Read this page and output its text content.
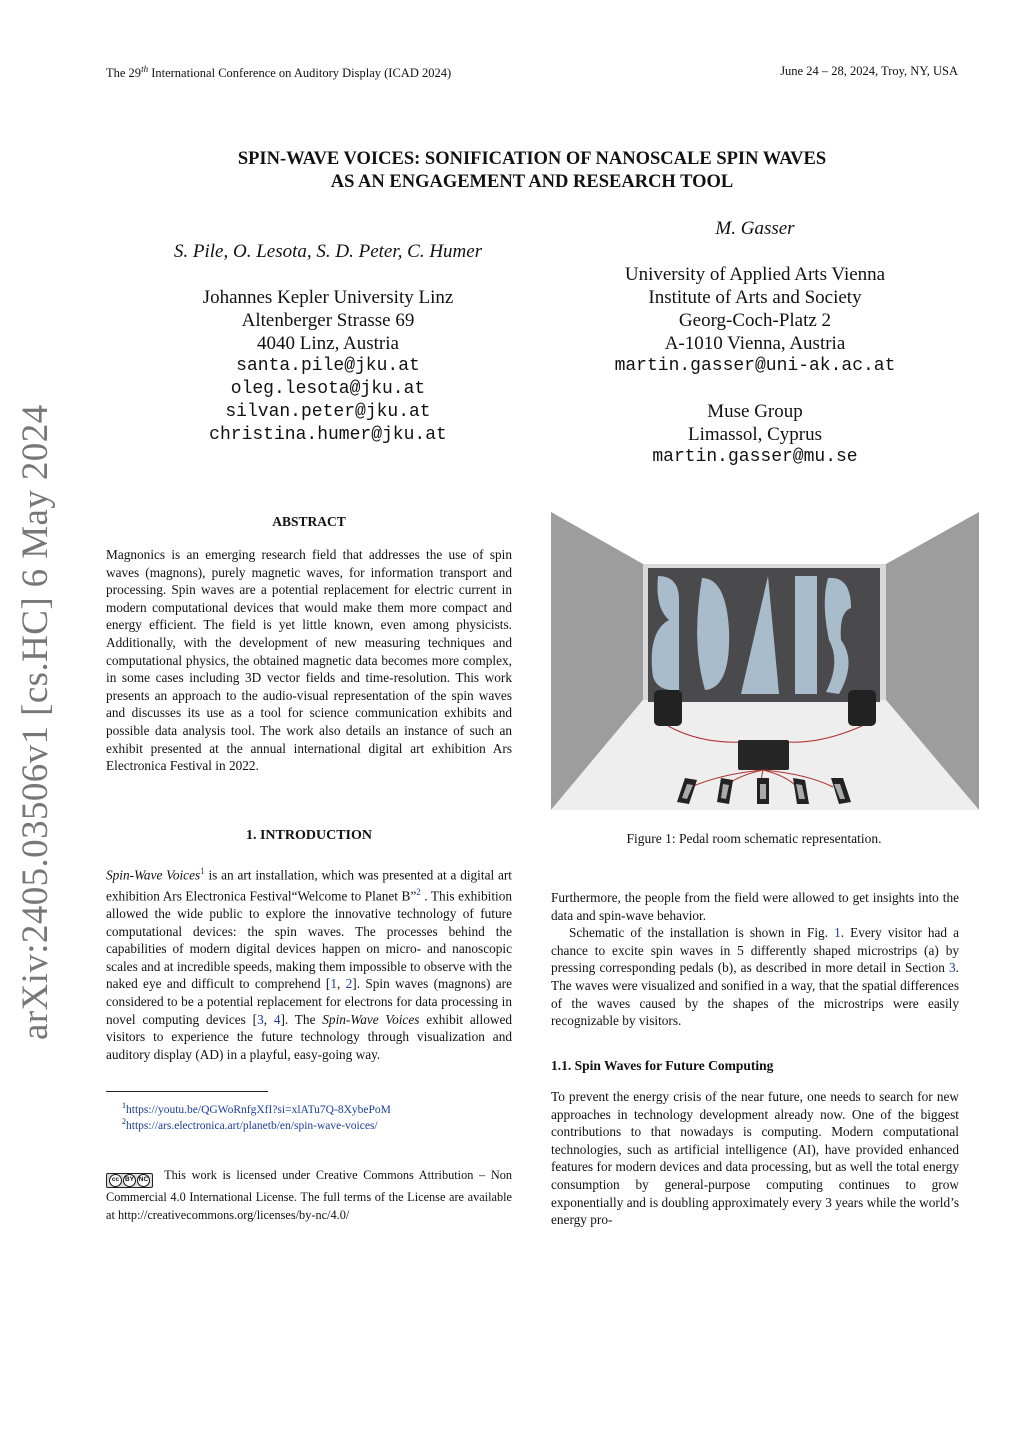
The 29th International Conference on Auditory Display (ICAD 2024)	June 24 – 28, 2024, Troy, NY, USA
SPIN-WAVE VOICES: SONIFICATION OF NANOSCALE SPIN WAVES
AS AN ENGAGEMENT AND RESEARCH TOOL
S. Pile, O. Lesota, S. D. Peter, C. Humer
Johannes Kepler University Linz
Altenberger Strasse 69
4040 Linz, Austria
santa.pile@jku.at
oleg.lesota@jku.at
silvan.peter@jku.at
christina.humer@jku.at
M. Gasser
University of Applied Arts Vienna
Institute of Arts and Society
Georg-Coch-Platz 2
A-1010 Vienna, Austria
martin.gasser@uni-ak.ac.at
Muse Group
Limassol, Cyprus
martin.gasser@mu.se
arXiv:2405.03506v1 [cs.HC] 6 May 2024	ABSTRACT
Magnonics is an emerging research field that addresses the use of spin waves (magnons), purely magnetic waves, for information transport and processing. Spin waves are a potential replacement for electric current in modern computational devices that would make them more compact and energy efficient. The field is yet little known, even among physicists. Additionally, with the development of new measuring techniques and computational physics, the obtained magnetic data becomes more complex, in some cases including 3D vector fields and time-resolution. This work presents an approach to the audio-visual representation of the spin waves and discusses its use as a tool for science communication exhibits and possible data analysis tool. The work also details an instance of such an exhibit presented at the annual international digital art exhibition Ars Electronica Festival in 2022.
1. INTRODUCTION
Spin-Wave Voices$^1$ is an art installation, which was presented at a digital art exhibition Ars Electronica Festival“Welcome to Planet B”$^2$ . This exhibition allowed the wide public to explore the innovative technology of future computational devices: the spin waves. The processes behind the capabilities of modern digital devices happen on micro- and nanoscopic scales and at incredible speeds, making them impossible to observe with the naked eye and difficult to comprehend [1, 2]. Spin waves (magnons) are considered to be a potential replacement for electrons for data processing in novel computing devices [3, 4]. The Spin-Wave Voices exhibit allowed visitors to experience the future technology through visualization and auditory display (AD) in a playful, easy-going way.
$^1$https://youtu.be/QGWoRnfgXfI?si=xlATu7Q-8XybePoM
$^2$https://ars.electronica.art/planetb/en/spin-wave-voices/
cc BY NC This work is licensed under Creative Commons Attribution – Non Commercial 4.0 International License. The full terms of the License are available at http://creativecommons.org/licenses/by-nc/4.0/
Figure 1: Pedal room schematic representation.

Furthermore, the people from the field were allowed to get insights into the data and spin-wave behavior.

Schematic of the installation is shown in Fig. 1. Every visitor had a chance to excite spin waves in 5 differently shaped microstrips (a) by pressing corresponding pedals (b), as described in more detail in Section 3. The waves were visualized and sonified in a way, that the spatial differences of the waves caused by the shapes of the microstrips were easily recognizable by visitors.

1.1. Spin Waves for Future Computing
To prevent the energy crisis of the near future, one needs to search for new approaches in technology development already now. One of the biggest contributions to that nowadays is computing. Modern computational technologies, such as artificial intelligence (AI), have provided enhanced features for modern devices and data processing, but as well the total energy consumption by general-purpose computing continues to grow exponentially and is doubling approximately every 3 years while the world’s energy pro-
